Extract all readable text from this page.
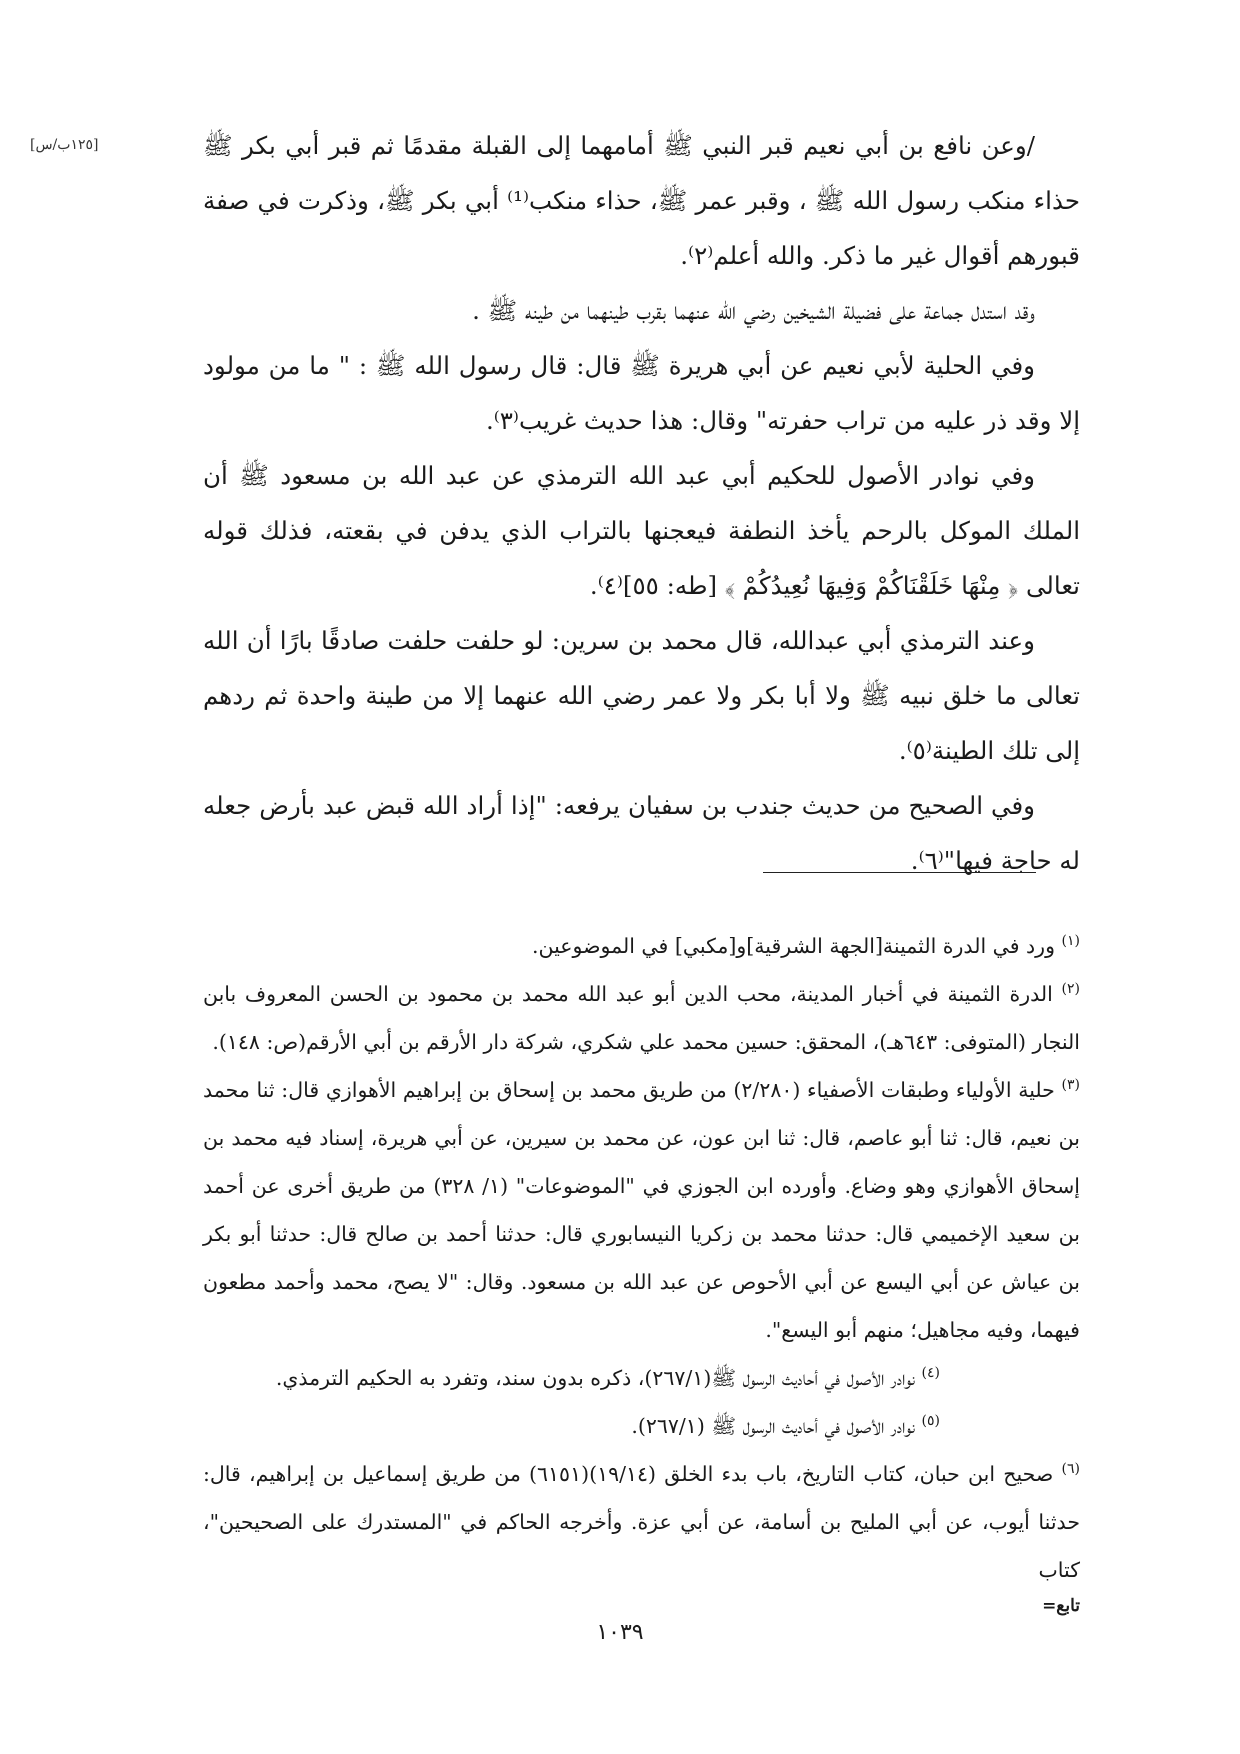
[١٢٥ب/س]	/وعن نافع بن أبي نعيم قبر النبي ﷺ أمامهما إلى القبلة مقدمًا ثم قبر أبي بكر ﷺ حذاء منكب رسول الله ﷺ ، وقبر عمر ﷺ، حذاء منكب⁽¹⁾ أبي بكر ﷺ، وذكرت في صفة قبورهم أقوال غير ما ذكر. والله أعلم⁽٢⁾.

وقد استدل جماعة على فضيلة الشيخين رضي الله عنهما بقرب طينهما من طينه ﷺ .

وفي الحلية لأبي نعيم عن أبي هريرة ﷺ قال: قال رسول الله ﷺ : " ما من مولود إلا وقد ذر عليه من تراب حفرته" وقال: هذا حديث غريب⁽٣⁾.

وفي نوادر الأصول للحكيم أبي عبد الله الترمذي عن عبد الله بن مسعود ﷺ أن الملك الموكل بالرحم يأخذ النطفة فيعجنها بالتراب الذي يدفن في بقعته، فذلك قوله تعالى ﴿ مِنْهَا خَلَقْنَاكُمْ وَفِيهَا نُعِيدُكُمْ ﴾ [طه: ٥٥]⁽٤⁾.

وعند الترمذي أبي عبدالله، قال محمد بن سرين: لو حلفت حلفت صادقًا بارًا أن الله تعالى ما خلق نبيه ﷺ ولا أبا بكر ولا عمر رضي الله عنهما إلا من طينة واحدة ثم ردهم إلى تلك الطينة⁽٥⁾.

وفي الصحيح من حديث جندب بن سفيان يرفعه: "إذا أراد الله قبض عبد بأرض جعله له حاجة فيها"⁽٦⁾.

$^{(١)}$ ورد في الدرة الثمينة[الجهة الشرقية]و[مكبي] في الموضوعين.

$^{(٢)}$ الدرة الثمينة في أخبار المدينة، محب الدين أبو عبد الله محمد بن محمود بن الحسن المعروف بابن النجار (المتوفى: ٦٤٣هـ)، المحقق: حسين محمد علي شكري، شركة دار الأرقم بن أبي الأرقم(ص: ١٤٨).

$^{(٣)}$ حلية الأولياء وطبقات الأصفياء (٢/٢٨٠) من طريق محمد بن إسحاق بن إبراهيم الأهوازي قال: ثنا محمد بن نعيم، قال: ثنا أبو عاصم، قال: ثنا ابن عون، عن محمد بن سيرين، عن أبي هريرة، إسناد فيه محمد بن إسحاق الأهوازي وهو وضاع. وأورده ابن الجوزي في "الموضوعات" (١/ ٣٢٨) من طريق أخرى عن أحمد بن سعيد الإخميمي قال: حدثنا محمد بن زكريا النيسابوري قال: حدثنا أحمد بن صالح قال: حدثنا أبو بكر بن عياش عن أبي اليسع عن أبي الأحوص عن عبد الله بن مسعود. وقال: "لا يصح، محمد وأحمد مطعون فيهما، وفيه مجاهيل؛ منهم أبو اليسع".

$^{(٤)}$ نوادر الأصول في أحاديث الرسول ﷺ(٢٦٧/١)، ذكره بدون سند، وتفرد به الحكيم الترمذي.

$^{(٥)}$ نوادر الأصول في أحاديث الرسول ﷺ (٢٦٧/١).

$^{(٦)}$ صحيح ابن حبان، كتاب التاريخ، باب بدء الخلق (١٩/١٤)(٦١٥١) من طريق إسماعيل بن إبراهيم، قال: حدثنا أيوب، عن أبي المليح بن أسامة، عن أبي عزة. وأخرجه الحاكم في "المستدرك على الصحيحين"، كتاب

تابع=
١٠٣٩
